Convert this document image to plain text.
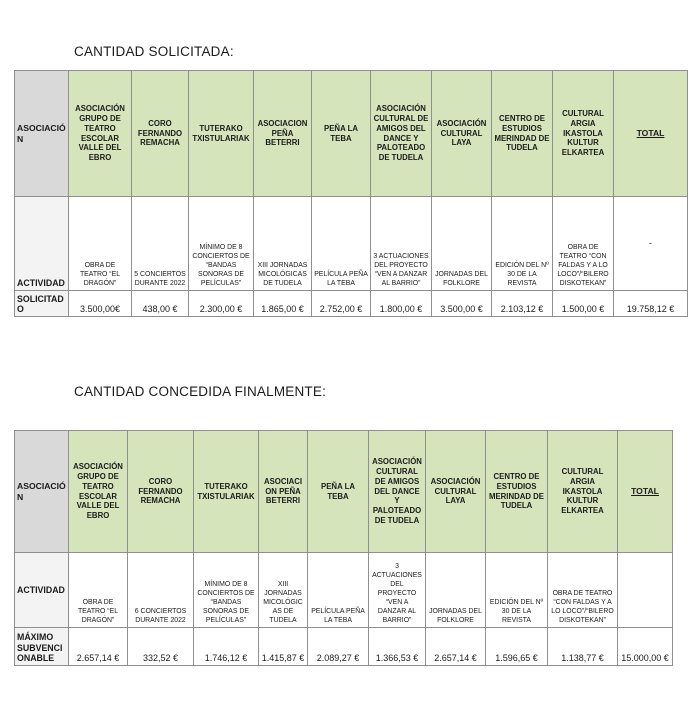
CANTIDAD SOLICITADA:
ASOCIACIÓN	ASOCIACIÓN GRUPO DE TEATRO ESCOLAR VALLE DEL EBRO	CORO FERNANDO REMACHA	TUTERAKO TXISTULARIAK	ASOCIACION PEÑA BETERRI	PEÑA LA TEBA	ASOCIACIÓN CULTURAL DE AMIGOS DEL DANCE Y PALOTEADO DE TUDELA	ASOCIACIÓN CULTURAL LAYA	CENTRO DE ESTUDIOS MERINDAD DE TUDELA	CULTURAL ARGIA IKASTOLA KULTUR ELKARTEA	TOTAL
ACTIVIDAD	OBRA DE TEATRO “EL DRAGÓN”	5 CONCIERTOS DURANTE 2022	MÍNIMO DE 8 CONCIERTOS DE “BANDAS SONORAS DE PELÍCULAS”	XIII JORNADAS MICOLÓGICAS DE TUDELA	PELÍCULA PEÑA LA TEBA	3 ACTUACIONES DEL PROYECTO “VEN A DANZAR AL BARRIO”	JORNADAS DEL FOLKLORE	EDICIÓN DEL Nº 30 DE LA REVISTA	OBRA DE TEATRO “CON FALDAS Y A LO LOCO”/“BILERO DISKOTEKAN”	-
SOLICITADO	3.500,00€	438,00 €	2.300,00 €	1.865,00 €	2.752,00 €	1.800,00 €	3.500,00 €	2.103,12 €	1.500,00 €	19.758,12 €
CANTIDAD CONCEDIDA FINALMENTE:
ASOCIACIÓN	ASOCIACIÓN GRUPO DE TEATRO ESCOLAR VALLE DEL EBRO	CORO FERNANDO REMACHA	TUTERAKO TXISTULARIAK	ASOCIACION PEÑA BETERRI	PEÑA LA TEBA	ASOCIACIÓN CULTURAL DE AMIGOS DEL DANCE Y PALOTEADO DE TUDELA	ASOCIACIÓN CULTURAL LAYA	CENTRO DE ESTUDIOS MERINDAD DE TUDELA	CULTURAL ARGIA IKASTOLA KULTUR ELKARTEA	TOTAL
ACTIVIDAD	OBRA DE TEATRO “EL DRAGÓN”	6 CONCIERTOS DURANTE 2022	MÍNIMO DE 8 CONCIERTOS DE “BANDAS SONORAS DE PELÍCULAS”	XIII JORNADAS MICOLÓGICAS DE TUDELA	PELÍCULA PEÑA LA TEBA	3 ACTUACIONES DEL PROYECTO “VEN A DANZAR AL BARRIO”	JORNADAS DEL FOLKLORE	EDICIÓN DEL Nº 30 DE LA REVISTA	OBRA DE TEATRO “CON FALDAS Y A LO LOCO”/“BILERO DISKOTEKAN”	
MÁXIMO SUBVENCIONABLE	2.657,14 €	332,52 €	1.746,12 €	1.415,87 €	2.089,27 €	1.366,53 €	2.657,14 €	1.596,65 €	1.138,77 €	15.000,00 €
